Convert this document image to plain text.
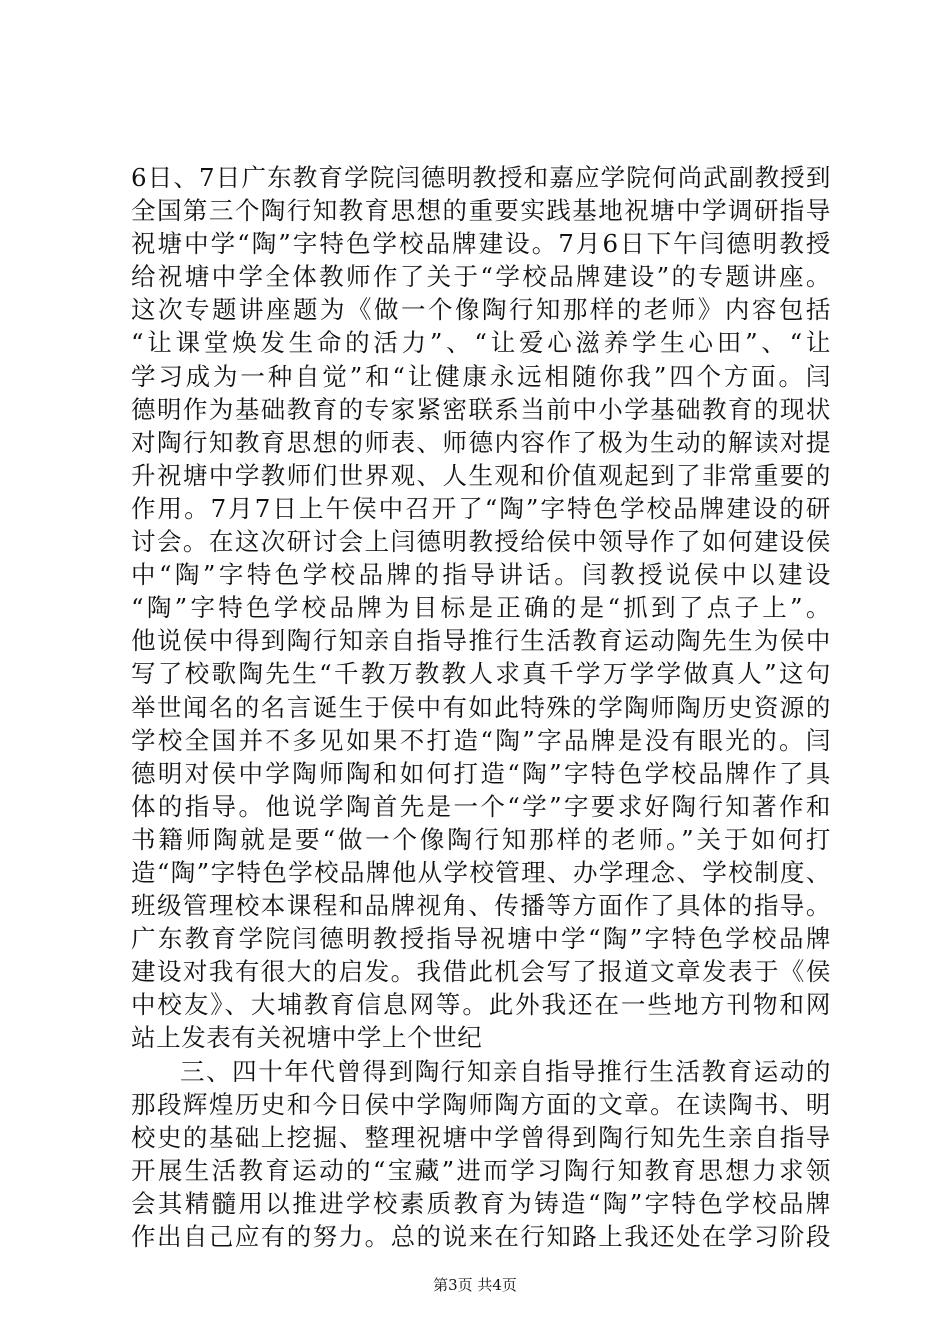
6日、7日广东教育学院闫德明教授和嘉应学院何尚武副教授到
全国第三个陶行知教育思想的重要实践基地祝塘中学调研指导
祝塘中学“陶”字特色学校品牌建设。7月6日下午闫德明教授
给祝塘中学全体教师作了关于“学校品牌建设”的专题讲座。
这次专题讲座题为《做一个像陶行知那样的老师》内容包括
“让课堂焕发生命的活力”、“让爱心滋养学生心田”、“让
学习成为一种自觉”和“让健康永远相随你我”四个方面。闫
德明作为基础教育的专家紧密联系当前中小学基础教育的现状
对陶行知教育思想的师表、师德内容作了极为生动的解读对提
升祝塘中学教师们世界观、人生观和价值观起到了非常重要的
作用。7月7日上午侯中召开了“陶”字特色学校品牌建设的研
讨会。在这次研讨会上闫德明教授给侯中领导作了如何建设侯
中“陶”字特色学校品牌的指导讲话。闫教授说侯中以建设
“陶”字特色学校品牌为目标是正确的是“抓到了点子上”。
他说侯中得到陶行知亲自指导推行生活教育运动陶先生为侯中
写了校歌陶先生“千教万教教人求真千学万学学做真人”这句
举世闻名的名言诞生于侯中有如此特殊的学陶师陶历史资源的
学校全国并不多见如果不打造“陶”字品牌是没有眼光的。闫
德明对侯中学陶师陶和如何打造“陶”字特色学校品牌作了具
体的指导。他说学陶首先是一个“学”字要求好陶行知著作和
书籍师陶就是要“做一个像陶行知那样的老师。”关于如何打
造“陶”字特色学校品牌他从学校管理、办学理念、学校制度、
班级管理校本课程和品牌视角、传播等方面作了具体的指导。
广东教育学院闫德明教授指导祝塘中学“陶”字特色学校品牌
建设对我有很大的启发。我借此机会写了报道文章发表于《侯
中校友》、大埔教育信息网等。此外我还在一些地方刊物和网
站上发表有关祝塘中学上个世纪
三、四十年代曾得到陶行知亲自指导推行生活教育运动的
那段辉煌历史和今日侯中学陶师陶方面的文章。在读陶书、明
校史的基础上挖掘、整理祝塘中学曾得到陶行知先生亲自指导
开展生活教育运动的“宝藏”进而学习陶行知教育思想力求领
会其精髓用以推进学校素质教育为铸造“陶”字特色学校品牌
作出自己应有的努力。总的说来在行知路上我还处在学习阶段
第3页 共4页
